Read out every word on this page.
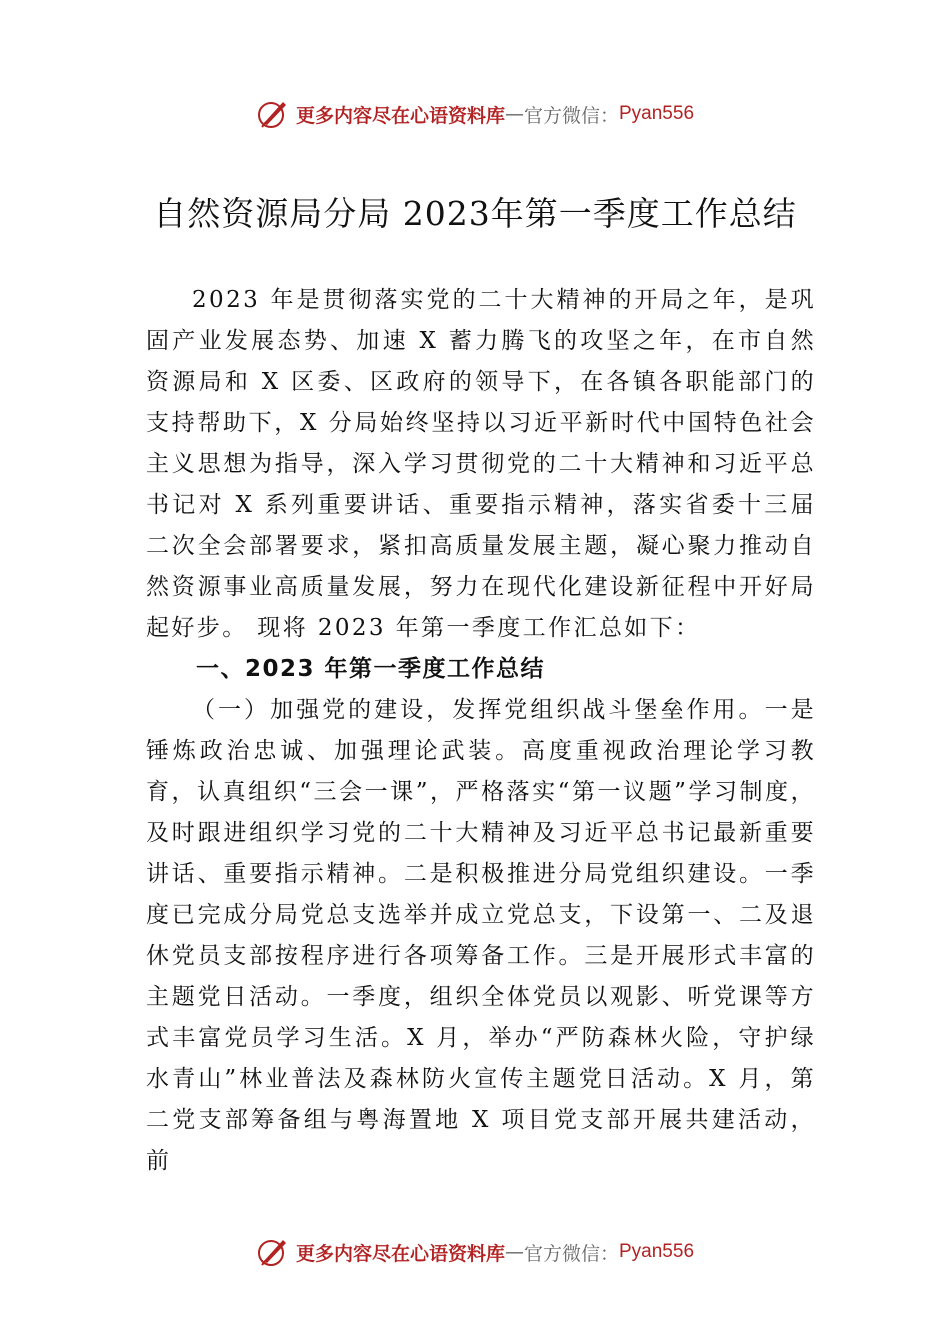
更多内容尽在心语资料库 — 官方微信： Pyan556
自然资源局分局 2023年第一季度工作总结

2023 年是贯彻落实党的二十大精神的开局之年，是巩固产业发展态势、加速 X 蓄力腾飞的攻坚之年，在市自然资源局和 X 区委、区政府的领导下，在各镇各职能部门的支持帮助下，X 分局始终坚持以习近平新时代中国特色社会主义思想为指导，深入学习贯彻党的二十大精神和习近平总书记对 X 系列重要讲话、重要指示精神，落实省委十三届二次全会部署要求，紧扣高质量发展主题，凝心聚力推动自然资源事业高质量发展，努力在现代化建设新征程中开好局起好步。 现将 2023 年第一季度工作汇总如下：

一、2023 年第一季度工作总结

（一）加强党的建设，发挥党组织战斗堡垒作用。一是锤炼政治忠诚、加强理论武装。高度重视政治理论学习教育，认真组织“三会一课”，严格落实“第一议题”学习制度，及时跟进组织学习党的二十大精神及习近平总书记最新重要讲话、重要指示精神。二是积极推进分局党组织建设。一季度已完成分局党总支选举并成立党总支，下设第一、二及退休党员支部按程序进行各项筹备工作。三是开展形式丰富的主题党日活动。一季度，组织全体党员以观影、听党课等方式丰富党员学习生活。X 月，举办“严防森林火险，守护绿水青山”林业普法及森林防火宣传主题党日活动。X 月，第二党支部筹备组与粤海置地 X 项目党支部开展共建活动，前

更多内容尽在心语资料库 — 官方微信： Pyan556
